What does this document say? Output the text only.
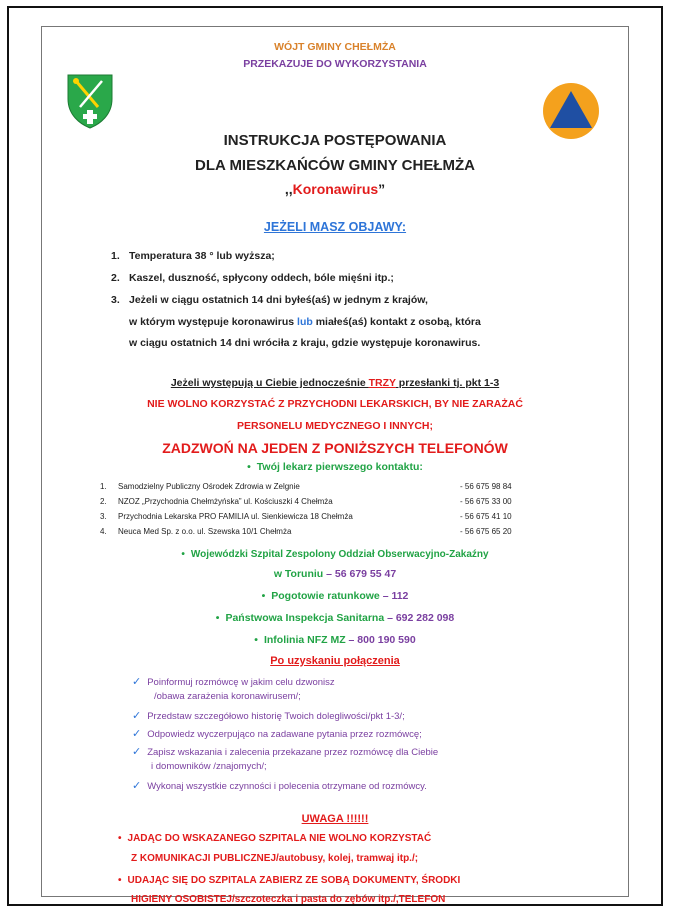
WÓJT GMINY CHEŁMŻA
PRZEKAZUJE DO WYKORZYSTANIA
INSTRUKCJA POSTĘPOWANIA
DLA MIESZKAŃCÓW GMINY CHEŁMŻA
,,Koronawirus”
JEŻELI MASZ OBJAWY:
1. Temperatura 38 ° lub wyższa;
2. Kaszel, duszność, spłycony oddech, bóle mięśni itp.;
3. Jeżeli w ciągu ostatnich 14 dni byłeś(aś) w jednym z krajów,
w którym występuje koronawirus lub miałeś(aś) kontakt z osobą, która
w ciągu ostatnich 14 dni wróciła z kraju, gdzie występuje koronawirus.
Jeżeli występują u Ciebie jednocześnie TRZY przesłanki tj. pkt 1-3
NIE WOLNO KORZYSTAĆ Z PRZYCHODNI LEKARSKICH, BY NIE ZARAŻAĆ
PERSONELU MEDYCZNEGO I INNYCH;
ZADZWOŃ NA JEDEN Z PONIŻSZYCH TELEFONÓW
• Twój lekarz pierwszego kontaktu:
1. Samodzielny Publiczny Ośrodek Zdrowia w Zelgnie	- 56 675 98 84
2. NZOZ „Przychodnia Chełmżyńska” ul. Kościuszki 4 Chełmża	- 56 675 33 00
3. Przychodnia Lekarska PRO FAMILIA ul. Sienkiewicza 18 Chełmża	- 56 675 41 10
4. Neuca Med Sp. z o.o. ul. Szewska 10/1 Chełmża	- 56 675 65 20
• Wojewódzki Szpital Zespolony Oddział Obserwacyjno-Zakaźny
w Toruniu – 56 679 55 47
• Pogotowie ratunkowe – 112
• Państwowa Inspekcja Sanitarna – 692 282 098
• Infolinia NFZ MZ – 800 190 590
Po uzyskaniu połączenia
✓ Poinformuj rozmówcę w jakim celu dzwonisz
/obawa zarażenia koronawirusem/;
✓ Przedstaw szczegółowo historię Twoich dolegliwości/pkt 1-3/;
✓ Odpowiedz wyczerpująco na zadawane pytania przez rozmówcę;
✓ Zapisz wskazania i zalecenia przekazane przez rozmówcę dla Ciebie
i domowników /znajomych/;
✓ Wykonaj wszystkie czynności i polecenia otrzymane od rozmówcy.
UWAGA !!!!!!
• JADĄC DO WSKAZANEGO SZPITALA NIE WOLNO KORZYSTAĆ
Z KOMUNIKACJI PUBLICZNEJ/autobusy, kolej, tramwaj itp./;
• UDAJĄC SIĘ DO SZPITALA ZABIERZ ZE SOBĄ DOKUMENTY, ŚRODKI
HIGIENY OSOBISTEJ/szczoteczka i pasta do zębów itp./,TELEFON
